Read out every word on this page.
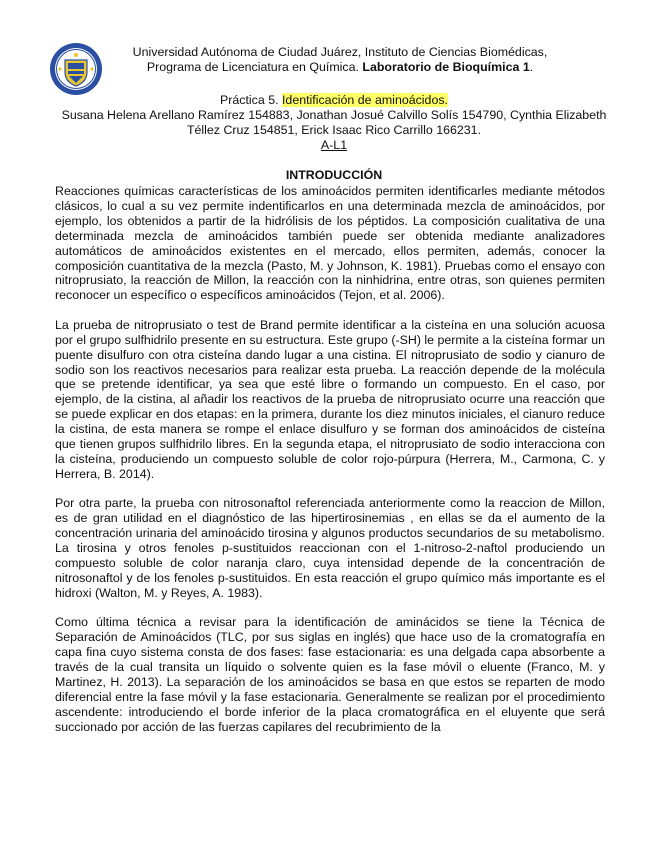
Universidad Autónoma de Ciudad Juárez, Instituto de Ciencias Biomédicas,
Programa de Licenciatura en Química. Laboratorio de Bioquímica 1.
Práctica 5. Identificación de aminoácidos.
Susana Helena Arellano Ramírez 154883, Jonathan Josué Calvillo Solís 154790, Cynthia Elizabeth Téllez Cruz 154851, Erick Isaac Rico Carrillo 166231.
A-L1
INTRODUCCIÓN

Reacciones químicas características de los aminoácidos permiten identificarles mediante métodos clásicos, lo cual a su vez permite indentificarlos en una determinada mezcla de aminoácidos, por ejemplo, los obtenidos a partir de la hidrólisis de los péptidos. La composición cualitativa de una determinada mezcla de aminoácidos también puede ser obtenida mediante analizadores automáticos de aminoácidos existentes en el mercado, ellos permiten, además, conocer la composición cuantitativa de la mezcla (Pasto, M. y Johnson, K. 1981). Pruebas como el ensayo con nitroprusiato, la reacción de Millon, la reacción con la ninhidrina, entre otras, son quienes permiten reconocer un específico o específicos aminoácidos (Tejon, et al. 2006).

La prueba de nitroprusiato o test de Brand permite identificar a la cisteína en una solución acuosa por el grupo sulfhidrilo presente en su estructura. Este grupo (-SH) le permite a la cisteína formar un puente disulfuro con otra cisteína dando lugar a una cistina. El nitroprusiato de sodio y cianuro de sodio son los reactivos necesarios para realizar esta prueba. La reacción depende de la molécula que se pretende identificar, ya sea que esté libre o formando un compuesto. En el caso, por ejemplo, de la cistina, al añadir los reactivos de la prueba de nitroprusiato ocurre una reacción que se puede explicar en dos etapas: en la primera, durante los diez minutos iniciales, el cianuro reduce la cistina, de esta manera se rompe el enlace disulfuro y se forman dos aminoácidos de cisteína que tienen grupos sulfhidrilo libres. En la segunda etapa, el nitroprusiato de sodio interacciona con la cisteína, produciendo un compuesto soluble de color rojo-púrpura (Herrera, M., Carmona, C. y Herrera, B. 2014).

Por otra parte, la prueba con nitrosonaftol referenciada anteriormente como la reaccion de Millon, es de gran utilidad en el diagnóstico de las hipertirosinemias , en ellas se da el aumento de la concentración urinaria del aminoácido tirosina y algunos productos secundarios de su metabolismo. La tirosina y otros fenoles p-sustituidos reaccionan con el 1-nitroso-2-naftol produciendo un compuesto soluble de color naranja claro, cuya intensidad depende de la concentración de nitrosonaftol y de los fenoles p-sustituidos. En esta reacción el grupo químico más importante es el hidroxi (Walton, M. y Reyes, A. 1983).

Como última técnica a revisar para la identificación de aminácidos se tiene la Técnica de Separación de Aminoácidos (TLC, por sus siglas en inglés) que hace uso de la cromatografía en capa fina cuyo sistema consta de dos fases: fase estacionaria: es una delgada capa absorbente a través de la cual transita un líquido o solvente quien es la fase móvil o eluente (Franco, M. y Martinez, H. 2013). La separación de los aminoácidos se basa en que estos se reparten de modo diferencial entre la fase móvil y la fase estacionaria. Generalmente se realizan por el procedimiento ascendente: introduciendo el borde inferior de la placa cromatográfica en el eluyente que será succionado por acción de las fuerzas capilares del recubrimiento de la
